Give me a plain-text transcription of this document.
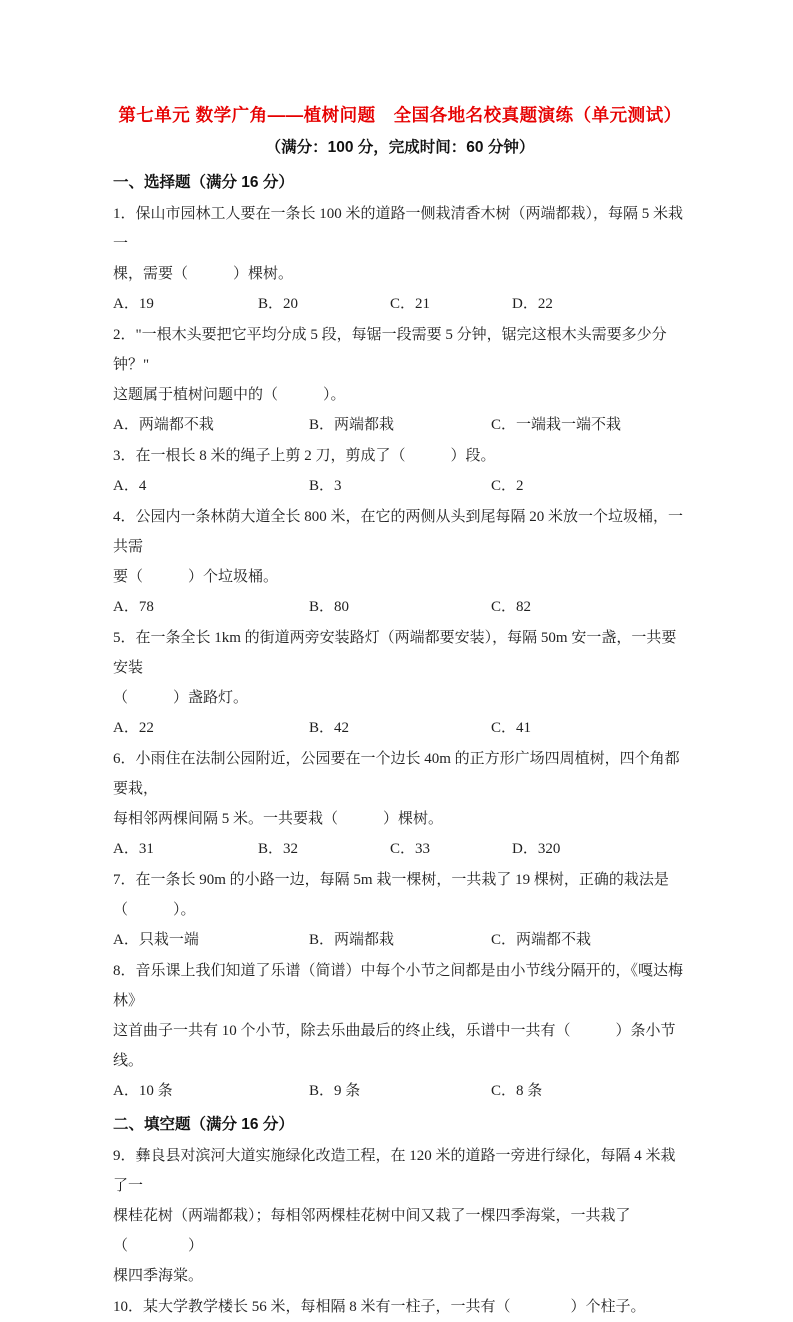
第七单元 数学广角——植树问题　全国各地名校真题演练（单元测试）
（满分：100 分，完成时间：60 分钟）
一、选择题（满分 16 分）
1．保山市园林工人要在一条长 100 米的道路一侧栽清香木树（两端都栽），每隔 5 米栽一
棵，需要（　　　）棵树。
A．19	B．20	C．21	D．22
2．"一根木头要把它平均分成 5 段，每锯一段需要 5 分钟，锯完这根木头需要多少分钟？"
这题属于植树问题中的（　　　）。
A．两端都不栽	B．两端都栽	C．一端栽一端不栽
3．在一根长 8 米的绳子上剪 2 刀，剪成了（　　　）段。
A．4	B．3	C．2
4．公园内一条林荫大道全长 800 米，在它的两侧从头到尾每隔 20 米放一个垃圾桶，一共需
要（　　　）个垃圾桶。
A．78	B．80	C．82
5．在一条全长 1km 的街道两旁安装路灯（两端都要安装），每隔 50m 安一盏，一共要安装
（　　　）盏路灯。
A．22	B．42	C．41
6．小雨住在法制公园附近，公园要在一个边长 40m 的正方形广场四周植树，四个角都要栽，
每相邻两棵间隔 5 米。一共要栽（　　　）棵树。
A．31	B．32	C．33	D．320
7．在一条长 90m 的小路一边，每隔 5m 栽一棵树，一共栽了 19 棵树，正确的栽法是（　　　）。
A．只栽一端	B．两端都栽	C．两端都不栽
8．音乐课上我们知道了乐谱（简谱）中每个小节之间都是由小节线分隔开的，《嘎达梅林》
这首曲子一共有 10 个小节，除去乐曲最后的终止线，乐谱中一共有（　　　）条小节线。
A．10 条	B．9 条	C．8 条
二、填空题（满分 16 分）
9．彝良县对滨河大道实施绿化改造工程，在 120 米的道路一旁进行绿化，每隔 4 米栽了一
棵桂花树（两端都栽）；每相邻两棵桂花树中间又栽了一棵四季海棠，一共栽了（　　　　）
棵四季海棠。
10．某大学教学楼长 56 米，每相隔 8 米有一柱子，一共有（　　　　）个柱子。
